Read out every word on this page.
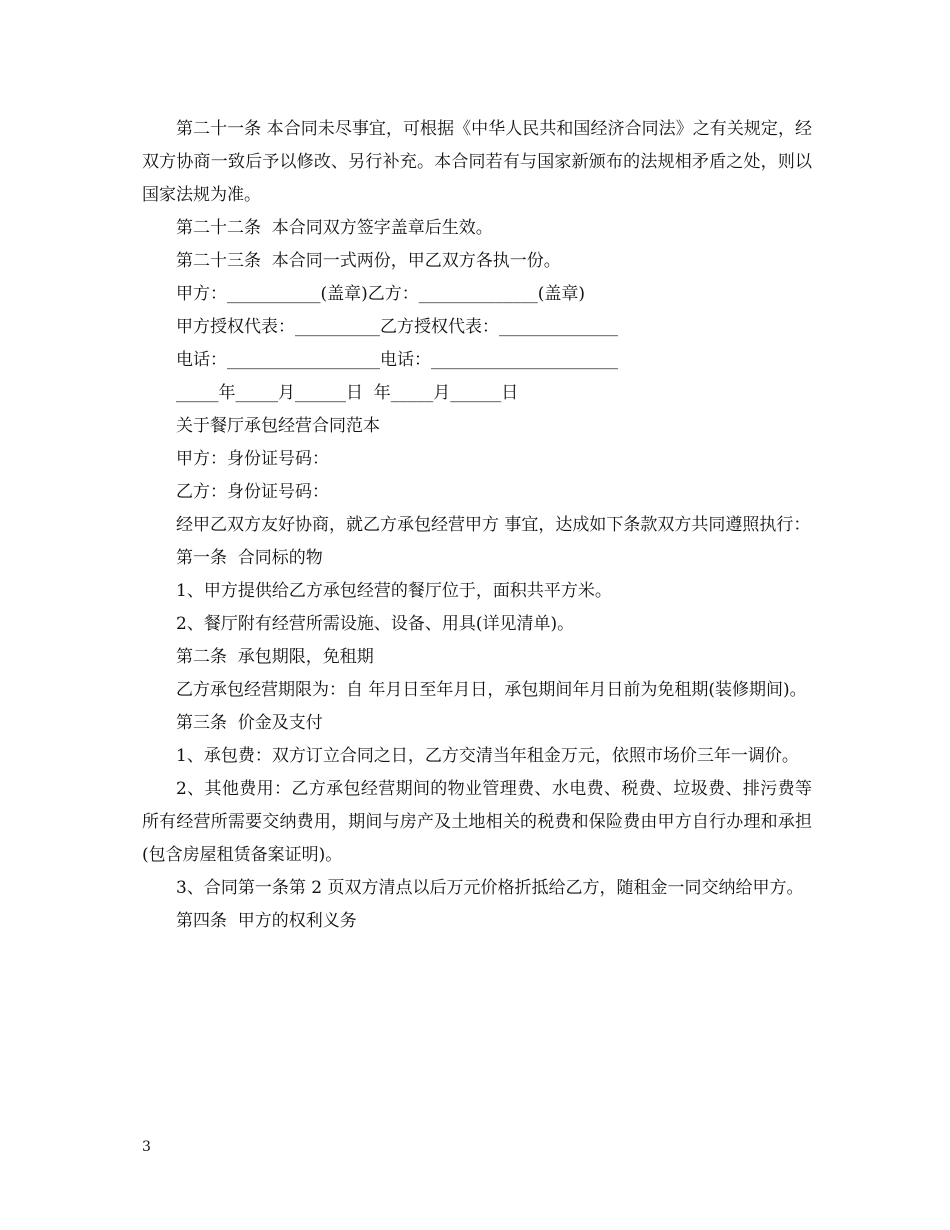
第二十一条 本合同未尽事宜，可根据《中华人民共和国经济合同法》之有关规定，经双方协商一致后予以修改、另行补充。本合同若有与国家新颁布的法规相矛盾之处，则以国家法规为准。

第二十二条  本合同双方签字盖章后生效。

第二十三条  本合同一式两份，甲乙双方各执一份。

甲方：___________(盖章)乙方：______________(盖章)

甲方授权代表：__________乙方授权代表：______________

电话：__________________电话：______________________

_____年_____月______日  年_____月______日

关于餐厅承包经营合同范本

甲方：身份证号码：

乙方：身份证号码：

经甲乙双方友好协商，就乙方承包经营甲方 事宜，达成如下条款双方共同遵照执行：

第一条  合同标的物

1、甲方提供给乙方承包经营的餐厅位于，面积共平方米。

2、餐厅附有经营所需设施、设备、用具(详见清单)。

第二条  承包期限，免租期

乙方承包经营期限为：自 年月日至年月日，承包期间年月日前为免租期(装修期间)。

第三条  价金及支付

1、承包费：双方订立合同之日，乙方交清当年租金万元，依照市场价三年一调价。

2、其他费用：乙方承包经营期间的物业管理费、水电费、税费、垃圾费、排污费等所有经营所需要交纳费用，期间与房产及土地相关的税费和保险费由甲方自行办理和承担(包含房屋租赁备案证明)。

3、合同第一条第 2 页双方清点以后万元价格折抵给乙方，随租金一同交纳给甲方。

第四条  甲方的权利义务

3
